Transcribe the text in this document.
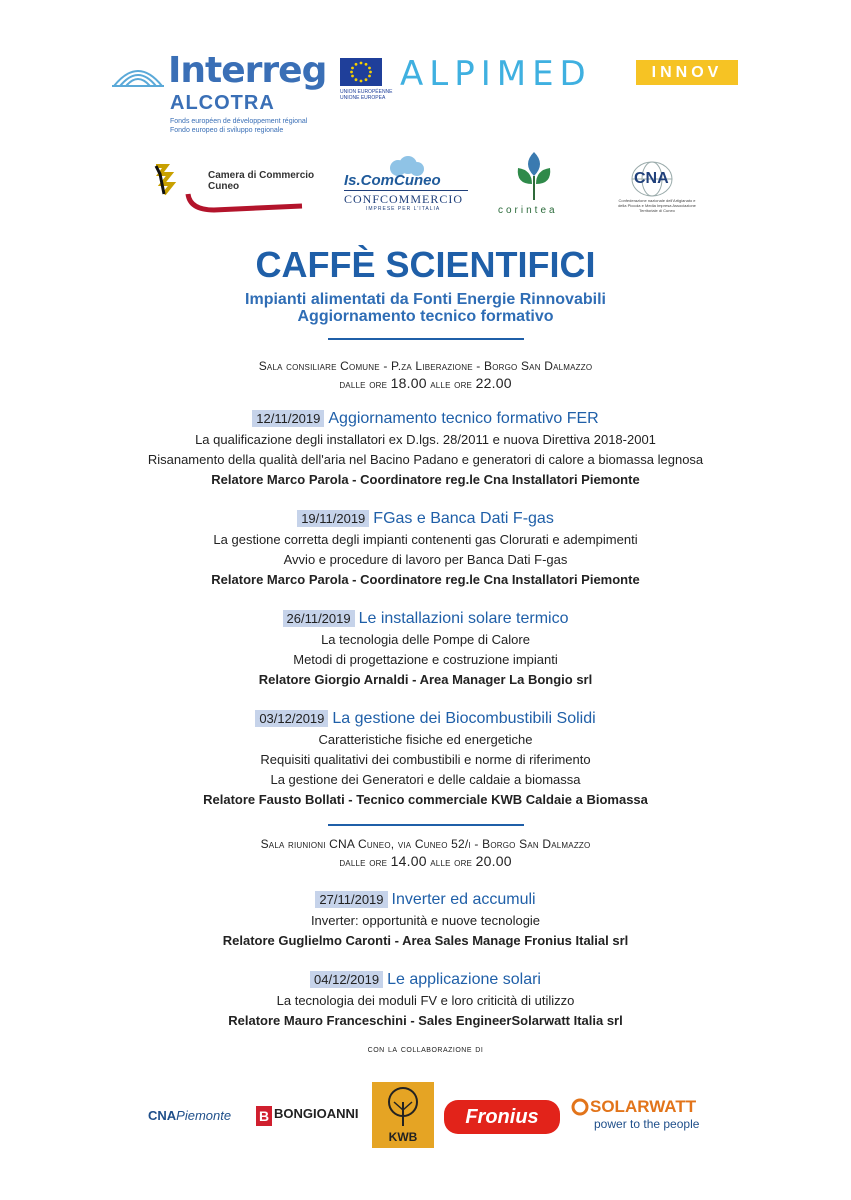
Interreg
ALCOTRA
Fonds européen de développement régional
Fondo europeo di sviluppo regionale
UNION EUROPÉENNE
UNIONE EUROPEA
ALPIMED	INNOV
Camera di Commercio
Cuneo	Is.ComCuneo
CONFCOMMERCIO
IMPRESE PER L'ITALIA	corintea
CNA
Confederazione nazionale dell'Artigianato e della Piccola e Media Impresa Associazione Territoriale di Cuneo
CAFFÈ SCIENTIFICI
Impianti alimentati da Fonti Energie Rinnovabili
Aggiornamento tecnico formativo
Sala consiliare Comune - P.za Liberazione - Borgo San Dalmazzo
dalle ore 18.00 alle ore 22.00
12/11/2019 Aggiornamento tecnico formativo FER
La qualificazione degli installatori ex D.lgs. 28/2011 e nuova Direttiva 2018-2001
Risanamento della qualità dell'aria nel Bacino Padano e generatori di calore a biomassa legnosa
Relatore Marco Parola - Coordinatore reg.le Cna Installatori Piemonte
19/11/2019 FGas e Banca Dati F-gas
La gestione corretta degli impianti contenenti gas Clorurati e adempimenti
Avvio e procedure di lavoro per Banca Dati F-gas
Relatore Marco Parola - Coordinatore reg.le Cna Installatori Piemonte
26/11/2019 Le installazioni solare termico
La tecnologia delle Pompe di Calore
Metodi di progettazione e costruzione impianti
Relatore Giorgio Arnaldi - Area Manager La Bongio srl
03/12/2019 La gestione dei Biocombustibili Solidi
Caratteristiche fisiche ed energetiche
Requisiti qualitativi dei combustibili e norme di riferimento
La gestione dei Generatori e delle caldaie a biomassa
Relatore Fausto Bollati - Tecnico commerciale KWB Caldaie a Biomassa
Sala riunioni CNA Cuneo, via Cuneo 52/i - Borgo San Dalmazzo
dalle ore 14.00 alle ore 20.00
27/11/2019 Inverter ed accumuli
Inverter: opportunità e nuove tecnologie
Relatore Guglielmo Caronti - Area Sales Manage Fronius Italial srl
04/12/2019 Le applicazione solari
La tecnologia dei moduli FV e loro criticità di utilizzo
Relatore Mauro Franceschini - Sales EngineerSolarwatt Italia srl
con la collaborazione di
CNAPiemonte B BONGIOANNI
KWB
Fronius	SOLARWATT
power to the people
